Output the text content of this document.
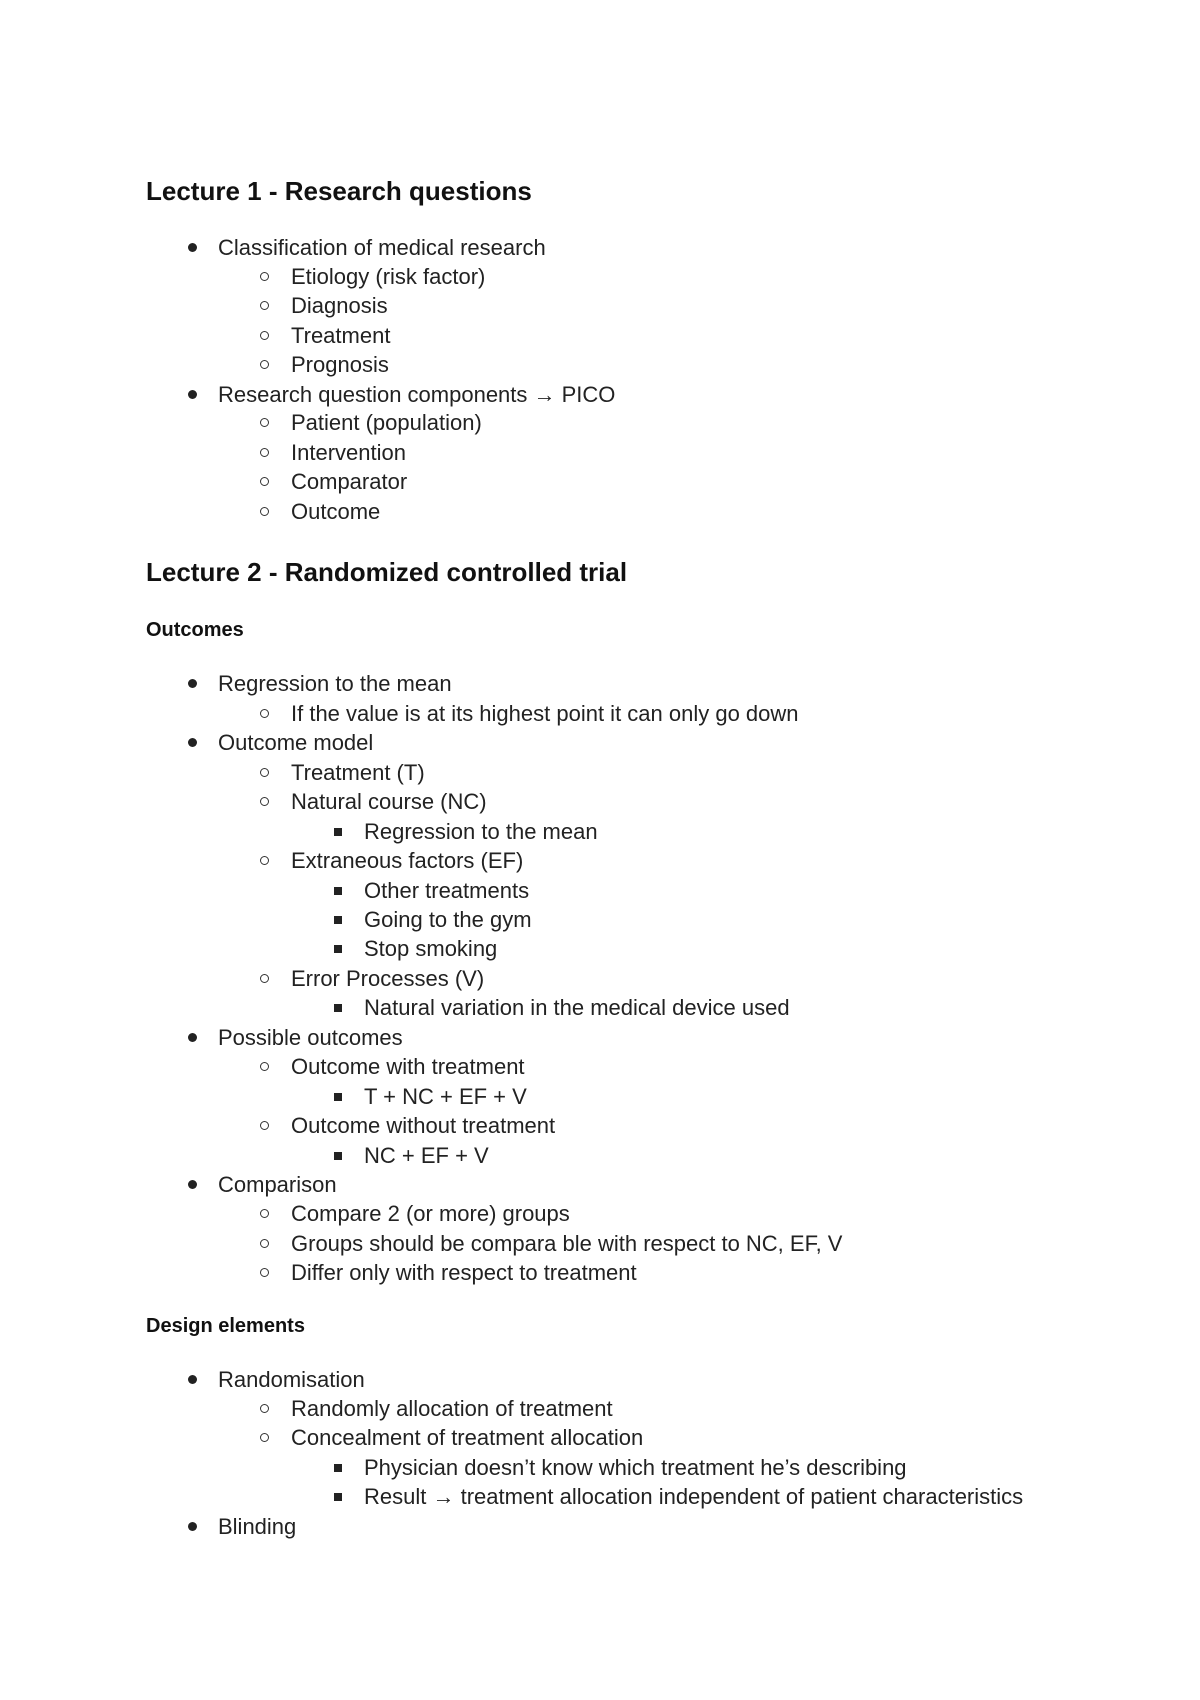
Lecture 1 - Research questions
Classification of medical research
Etiology (risk factor)
Diagnosis
Treatment
Prognosis
Research question components → PICO
Patient (population)
Intervention
Comparator
Outcome
Lecture 2 - Randomized controlled trial
Outcomes
Regression to the mean
If the value is at its highest point it can only go down
Outcome model
Treatment (T)
Natural course (NC)
Regression to the mean
Extraneous factors (EF)
Other treatments
Going to the gym
Stop smoking
Error Processes (V)
Natural variation in the medical device used
Possible outcomes
Outcome with treatment
T + NC + EF + V
Outcome without treatment
NC + EF + V
Comparison
Compare 2 (or more) groups
Groups should be compara ble with respect to NC, EF, V
Differ only with respect to treatment
Design elements
Randomisation
Randomly allocation of treatment
Concealment of treatment allocation
Physician doesn’t know which treatment he’s describing
Result → treatment allocation independent of patient characteristics
Blinding
